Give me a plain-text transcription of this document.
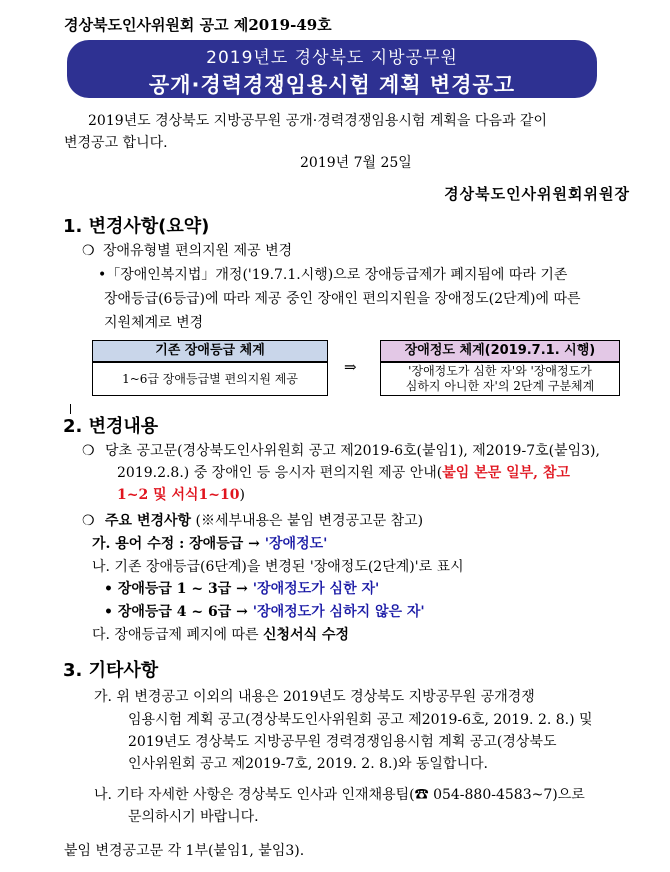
경상북도인사위원회 공고 제2019-49호
2019년도 경상북도 지방공무원
공개·경력경쟁임용시험 계획 변경공고
2019년도 경상북도 지방공무원 공개·경력경쟁임용시험 계획을 다음과 같이
변경공고 합니다.
2019년 7월 25일
경상북도인사위원회위원장
1. 변경사항(요약)
❍ 장애유형별 편의지원 제공 변경
•「장애인복지법」개정('19.7.1.시행)으로 장애등급제가 폐지됨에 따라 기존
장애등급(6등급)에 따라 제공 중인 장애인 편의지원을 장애정도(2단계)에 따른
지원체계로 변경
기존 장애등급 체계
1~6급 장애등급별 편의지원 제공
⇒
장애정도 체계(2019.7.1. 시행)
'장애정도가 심한 자'와 '장애정도가
심하지 아니한 자'의 2단계 구분체계
2. 변경내용
❍ 당초 공고문(경상북도인사위원회 공고 제2019-6호(붙임1), 제2019-7호(붙임3),
2019.2.8.) 중 장애인 등 응시자 편의지원 제공 안내(붙임 본문 일부, 참고
1~2 및 서식1~10)
❍ 주요 변경사항 (※세부내용은 붙임 변경공고문 참고)
가. 용어 수정 : 장애등급 → '장애정도'
나. 기존 장애등급(6단계)을 변경된 '장애정도(2단계)'로 표시
• 장애등급 1 ~ 3급 → '장애정도가 심한 자'
• 장애등급 4 ~ 6급 → '장애정도가 심하지 않은 자'
다. 장애등급제 폐지에 따른 신청서식 수정
3. 기타사항
가. 위 변경공고 이외의 내용은 2019년도 경상북도 지방공무원 공개경쟁
임용시험 계획 공고(경상북도인사위원회 공고 제2019-6호, 2019. 2. 8.) 및
2019년도 경상북도 지방공무원 경력경쟁임용시험 계획 공고(경상북도
인사위원회 공고 제2019-7호, 2019. 2. 8.)와 동일합니다.
나. 기타 자세한 사항은 경상북도 인사과 인재채용팀(☎ 054-880-4583~7)으로
문의하시기 바랍니다.
붙임 변경공고문 각 1부(붙임1, 붙임3).
